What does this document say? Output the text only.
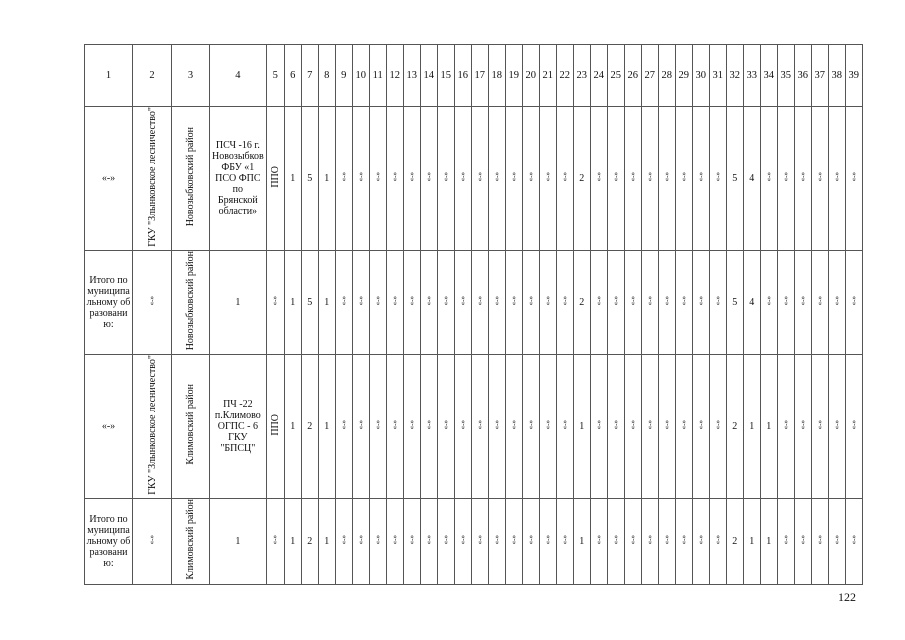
1	2	3	4	5	6	7	8	9	10	11	12	13	14	15	16	17	18	19	20	21	22	23	24	25	26	27	28	29	30	31	32	33	34	35	36	37	38	39
«-»	ГКУ "Злынковское лесничество"	Новозыбковский район	ПСЧ -16 г. Новозыбков ФБУ «1 ПСО ФПС по Брянской области»	ППО	1	5	1	«-»	«-»	«-»	«-»	«-»	«-»	«-»	«-»	«-»	«-»	«-»	«-»	«-»	«-»	2	«-»	«-»	«-»	«-»	«-»	«-»	«-»	«-»	5	4	«-»	«-»	«-»	«-»	«-»	«-»

Итого по муниципальному образованию:	«-»	Новозыбковский район	1	«-»	1	5	1	«-»	«-»	«-»	«-»	«-»	«-»	«-»	«-»	«-»	«-»	«-»	«-»	«-»	«-»	2	«-»	«-»	«-»	«-»	«-»	«-»	«-»	«-»	5	4	«-»	«-»	«-»	«-»	«-»	«-»
«-»	ГКУ "Злынковское лесничество"	Климовский район	ПЧ -22 п.Климово ОГПС - 6 ГКУ "БПСЦ"	ППО	1	2	1	«-»	«-»	«-»	«-»	«-»	«-»	«-»	«-»	«-»	«-»	«-»	«-»	«-»	«-»	1	«-»	«-»	«-»	«-»	«-»	«-»	«-»	«-»	2	1	1	«-»	«-»	«-»	«-»	«-»

Итого по муниципальному образованию:	«-»	Климовский район	1	«-»	1	2	1	«-»	«-»	«-»	«-»	«-»	«-»	«-»	«-»	«-»	«-»	«-»	«-»	«-»	«-»	1	«-»	«-»	«-»	«-»	«-»	«-»	«-»	«-»	2	1	1	«-»	«-»	«-»	«-»	«-»
122
